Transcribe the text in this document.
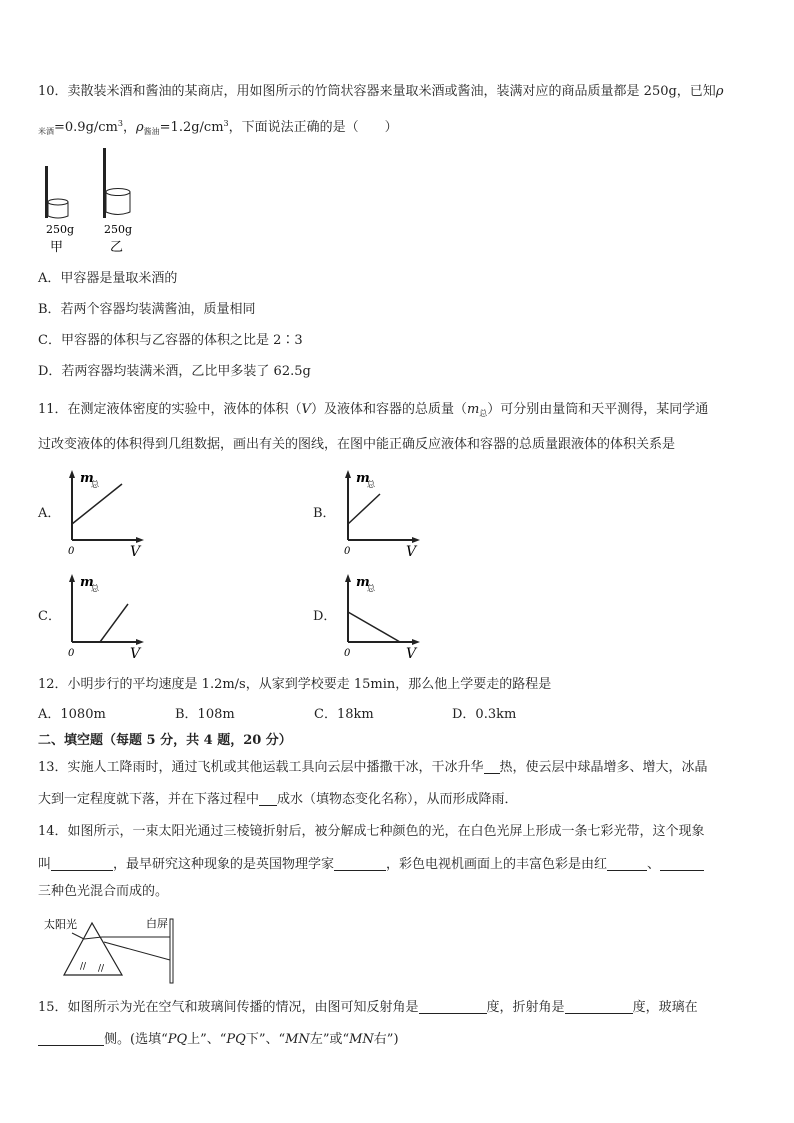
10．卖散装米酒和酱油的某商店，用如图所示的竹筒状容器来量取米酒或酱油，装满对应的商品质量都是 250g，已知ρ
$_{米酒}=0.9g/cm^3$，$\rho_{酱油}=1.2g/cm^3$，下面说法正确的是（　　）
250g
甲
250g
乙
A．甲容器是量取米酒的
B．若两个容器均装满酱油，质量相同
C．甲容器的体积与乙容器的体积之比是 2∶3
D．若两容器均装满米酒，乙比甲多装了 62.5g
11．在测定液体密度的实验中，液体的体积（V）及液体和容器的总质量$(m_总)$可分别由量筒和天平测得，某同学通
过改变液体的体积得到几组数据，画出有关的图线，在图中能正确反应液体和容器的总质量跟液体的体积关系是
A．	B．
C．	D．
m
总
0	V
m
总
0	V
m
总
0	V
m
总
0	V
12．小明步行的平均速度是 1.2m/s，从家到学校要走 15min，那么他上学要走的路程是
A．1080m	B．108m	C．18km	D．0.3km
二、填空题（每题 5 分，共 4 题，20 分）
13．实施人工降雨时，通过飞机或其他运载工具向云层中播撒干冰，干冰升华 热，使云层中球晶增多、增大，冰晶
大到一定程度就下落，并在下落过程中 成水（填物态变化名称），从而形成降雨．
14．如图所示，一束太阳光通过三棱镜折射后，被分解成七种颜色的光，在白色光屏上形成一条七彩光带，这个现象
叫	，最早研究这种现象的是英国物理学家	，彩色电视机画面上的丰富色彩是由红	、
三种色光混合而成的。
太阳光	白屏
// //
15．如图所示为光在空气和玻璃间传播的情况，由图可知反射角是	度，折射角是	度，玻璃在
侧。(选填“PQ上”、“PQ下”、“MN左”或“MN右”)
